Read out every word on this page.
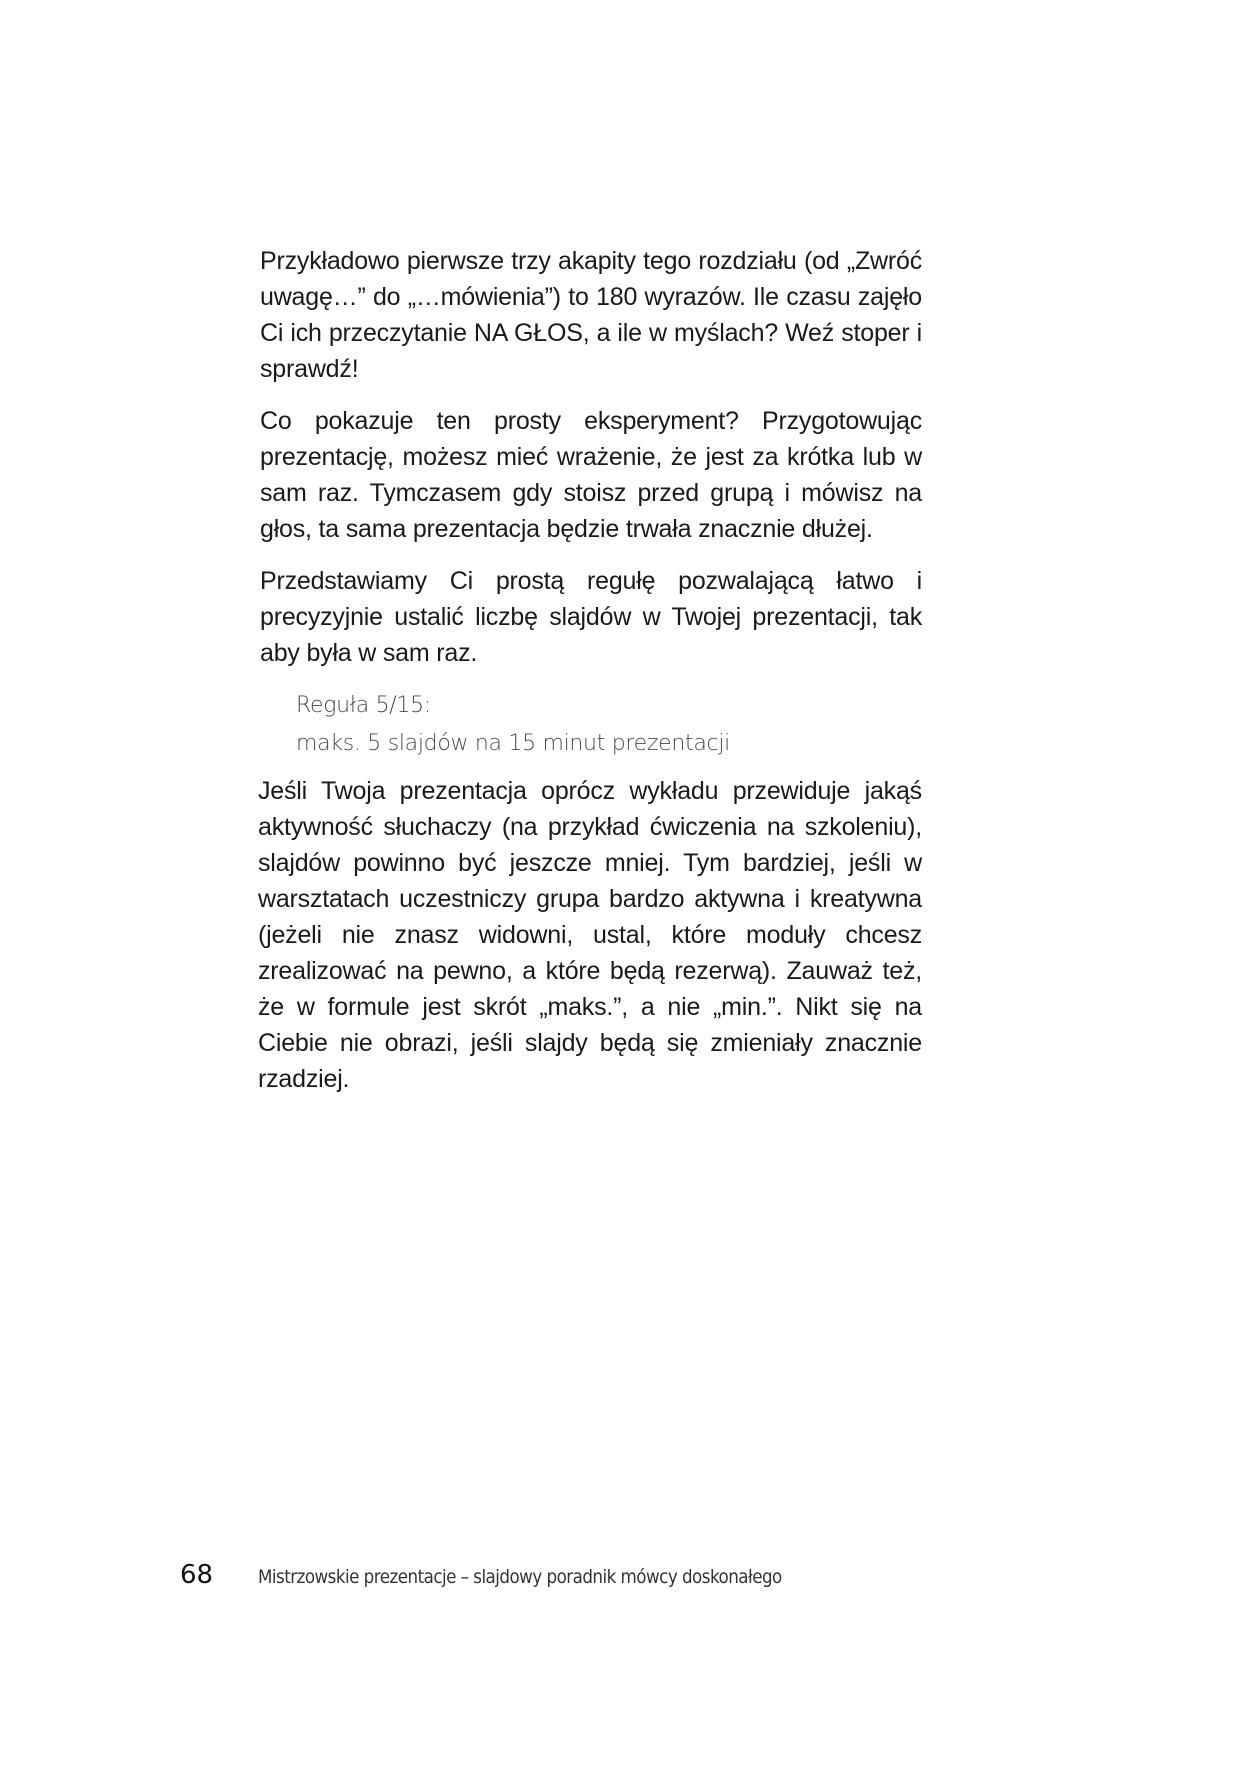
Przykładowo pierwsze trzy akapity tego rozdziału (od „Zwróć uwagę…” do „…mówienia”) to 180 wyrazów. Ile czasu zajęło Ci ich przeczytanie NA GŁOS, a ile w myślach? Weź stoper i sprawdź!

Co pokazuje ten prosty eksperyment? Przygotowując prezentację, możesz mieć wrażenie, że jest za krótka lub w sam raz. Tymczasem gdy stoisz przed grupą i mówisz na głos, ta sama prezentacja będzie trwała znacznie dłużej.

Przedstawiamy Ci prostą regułę pozwalającą łatwo i precyzyjnie ustalić liczbę slajdów w Twojej prezentacji, tak aby była w sam raz.

Reguła 5/15:
maks. 5 slajdów na 15 minut prezentacji

Jeśli Twoja prezentacja oprócz wykładu przewiduje jakąś aktywność słuchaczy (na przykład ćwiczenia na szkoleniu), slajdów powinno być jeszcze mniej. Tym bardziej, jeśli w warsztatach uczestniczy grupa bardzo aktywna i kreatywna (jeżeli nie znasz widowni, ustal, które moduły chcesz zrealizować na pewno, a które będą rezerwą). Zauważ też, że w formule jest skrót „maks.”, a nie „min.”. Nikt się na Ciebie nie obrazi, jeśli slajdy będą się zmieniały znacznie rzadziej.

68	Mistrzowskie prezentacje – slajdowy poradnik mówcy doskonałego
